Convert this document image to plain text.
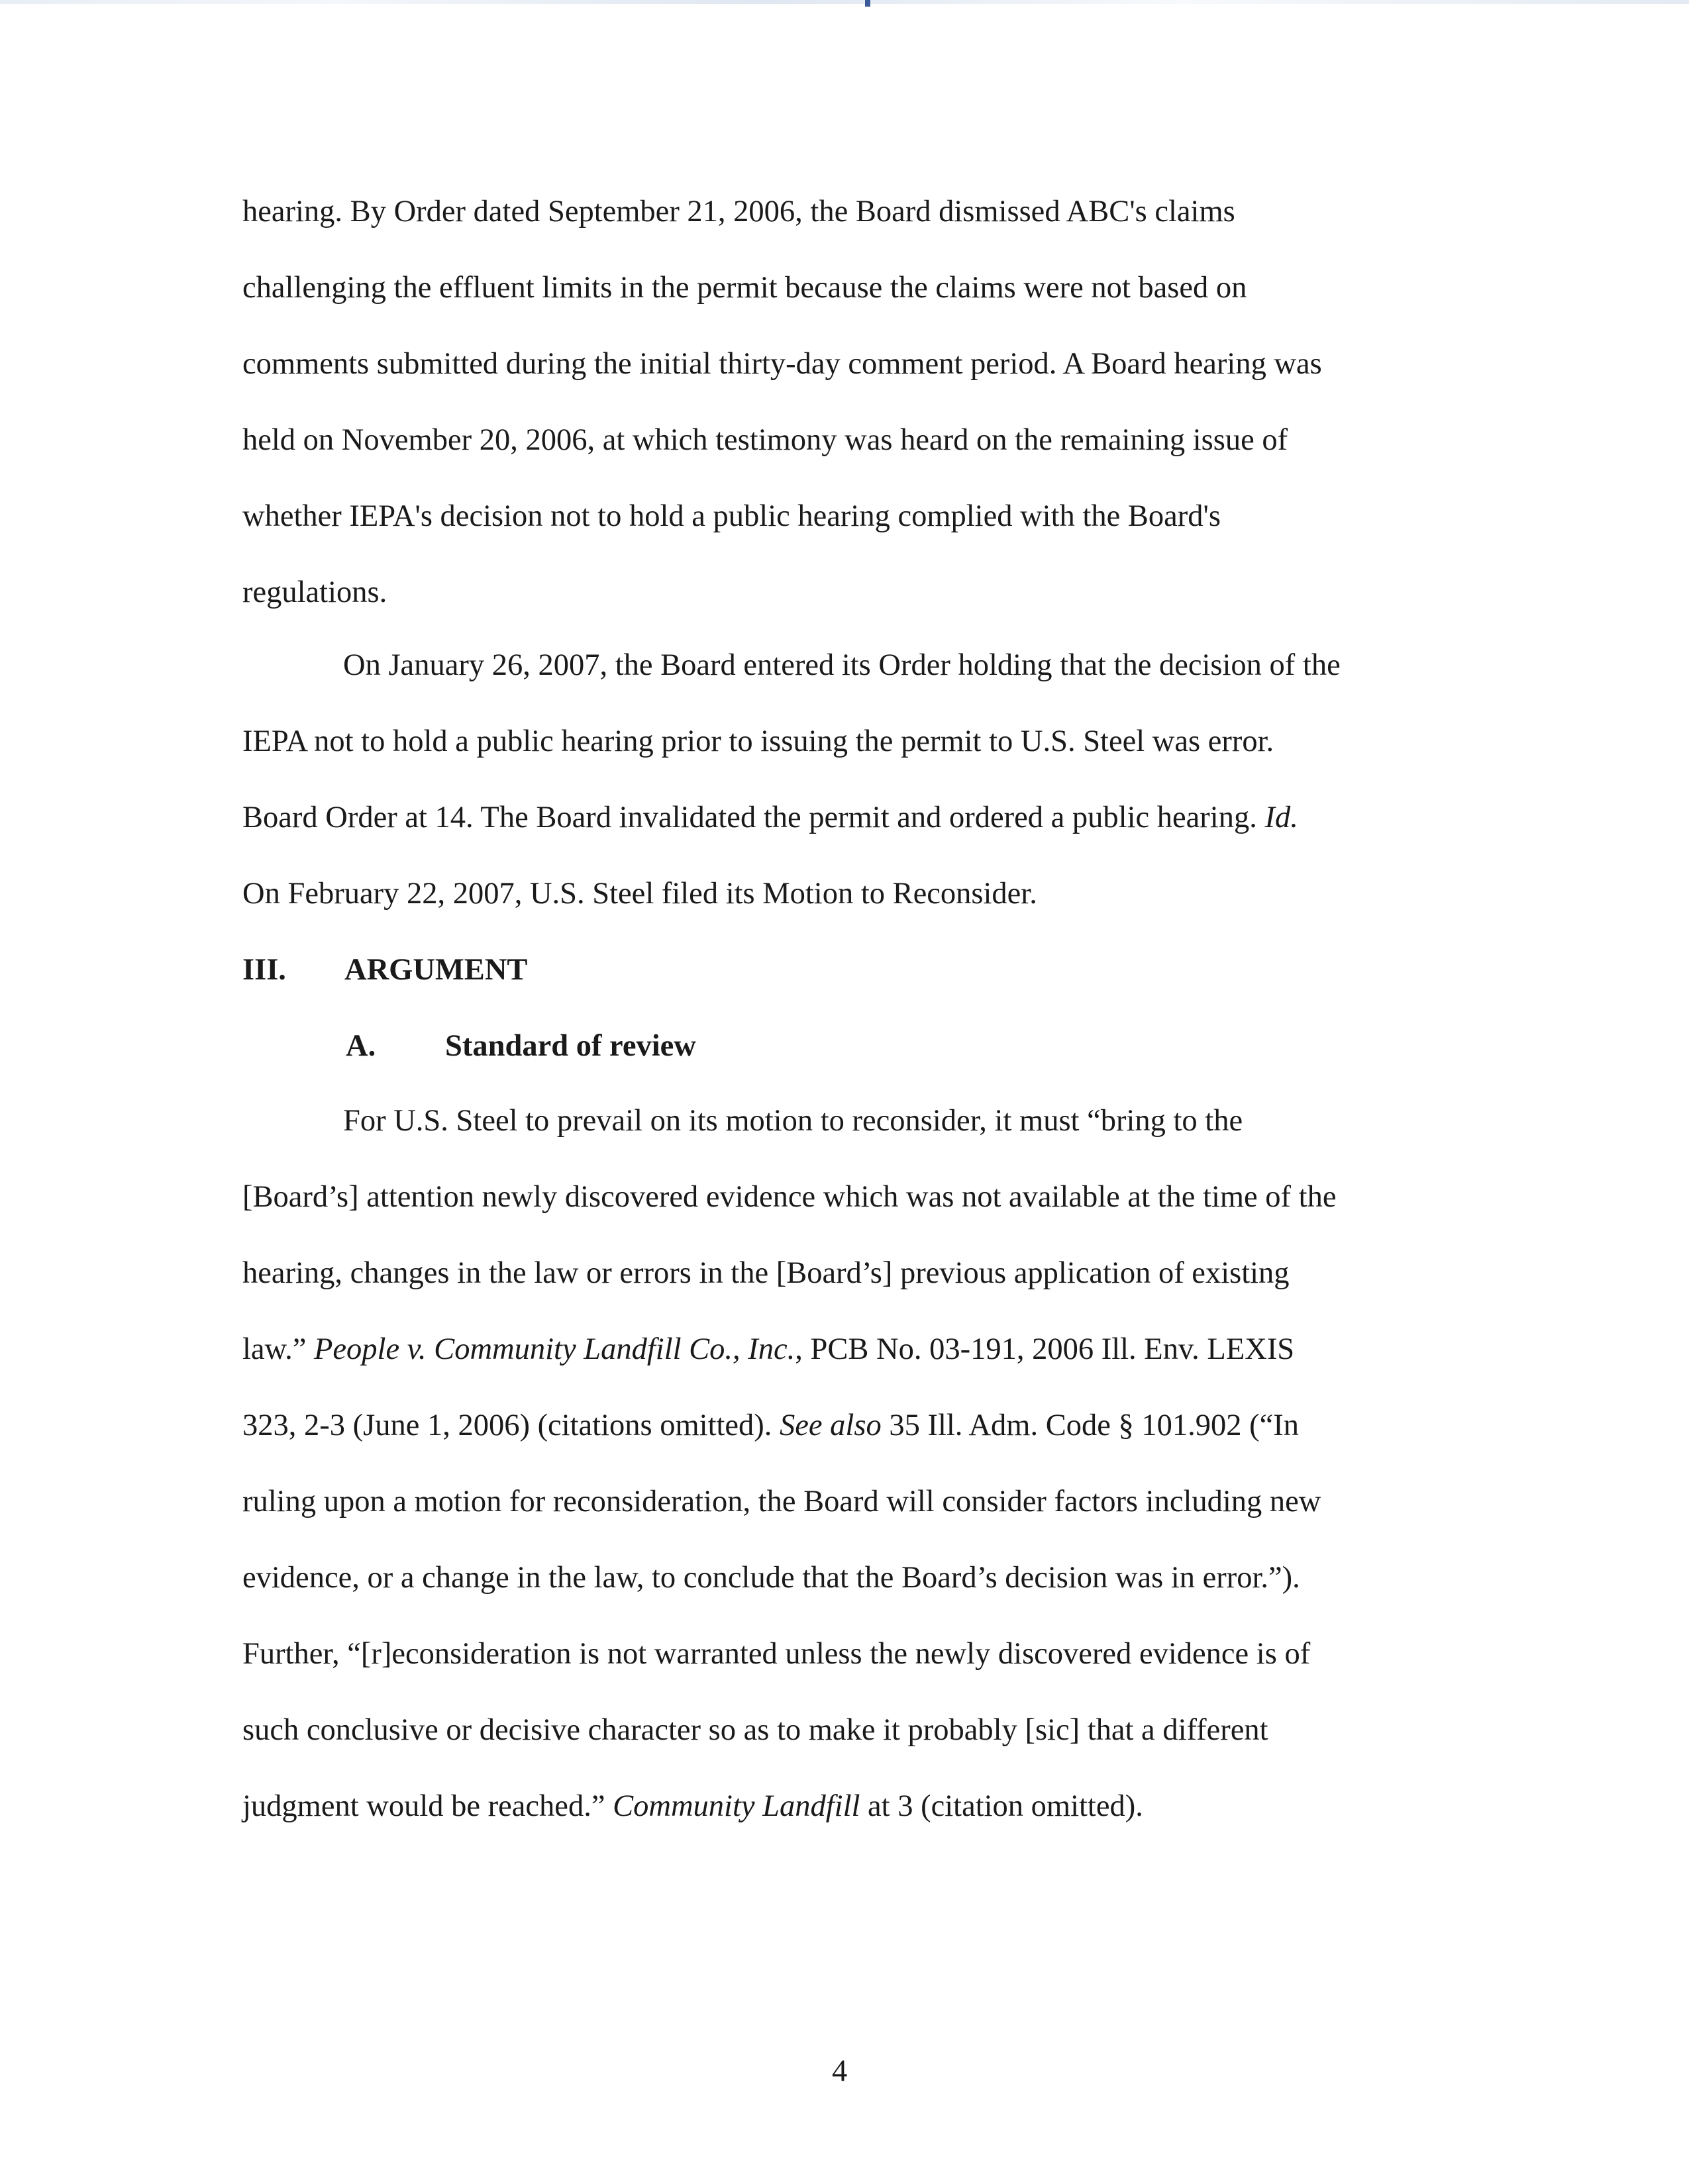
hearing. By Order dated September 21, 2006, the Board dismissed ABC's claims
challenging the effluent limits in the permit because the claims were not based on
comments submitted during the initial thirty-day comment period. A Board hearing was
held on November 20, 2006, at which testimony was heard on the remaining issue of
whether IEPA's decision not to hold a public hearing complied with the Board's
regulations.
On January 26, 2007, the Board entered its Order holding that the decision of the
IEPA not to hold a public hearing prior to issuing the permit to U.S. Steel was error.
Board Order at 14. The Board invalidated the permit and ordered a public hearing. Id.
On February 22, 2007, U.S. Steel filed its Motion to Reconsider.
III. ARGUMENT
A. Standard of review
For U.S. Steel to prevail on its motion to reconsider, it must “bring to the
[Board’s] attention newly discovered evidence which was not available at the time of the
hearing, changes in the law or errors in the [Board’s] previous application of existing
law.” People v. Community Landfill Co., Inc., PCB No. 03-191, 2006 Ill. Env. LEXIS
323, 2-3 (June 1, 2006) (citations omitted). See also 35 Ill. Adm. Code § 101.902 (“In
ruling upon a motion for reconsideration, the Board will consider factors including new
evidence, or a change in the law, to conclude that the Board’s decision was in error.”).
Further, “[r]econsideration is not warranted unless the newly discovered evidence is of
such conclusive or decisive character so as to make it probably [sic] that a different
judgment would be reached.” Community Landfill at 3 (citation omitted).
4
